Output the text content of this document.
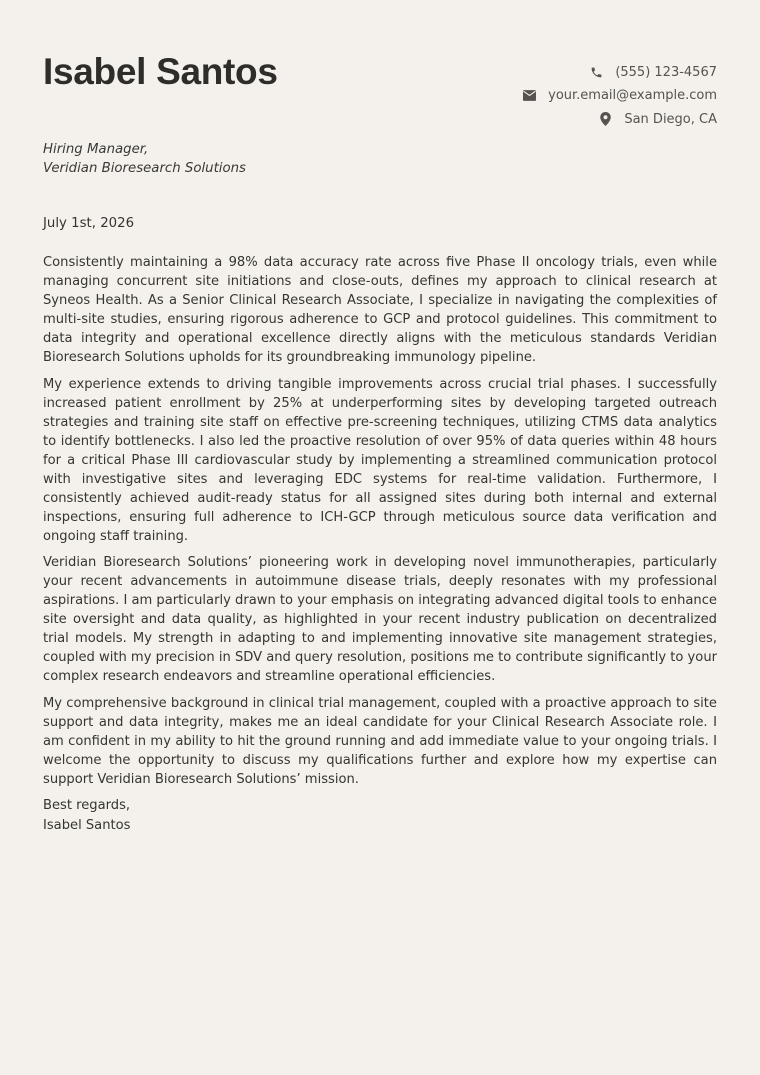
Isabel Santos	(555) 123-4567
your.email@example.com
San Diego, CA
Hiring Manager,
Veridian Bioresearch Solutions
July 1st, 2026

Consistently maintaining a 98% data accuracy rate across five Phase II oncology trials, even while managing concurrent site initiations and close-outs, defines my approach to clinical research at Syneos Health. As a Senior Clinical Research Associate, I specialize in navigating the complexities of multi-site studies, ensuring rigorous adherence to GCP and protocol guidelines. This commitment to data integrity and operational excellence directly aligns with the meticulous standards Veridian Bioresearch Solutions upholds for its groundbreaking immunology pipeline.

My experience extends to driving tangible improvements across crucial trial phases. I successfully increased patient enrollment by 25% at underperforming sites by developing targeted outreach strategies and training site staff on effective pre-screening techniques, utilizing CTMS data analytics to identify bottlenecks. I also led the proactive resolution of over 95% of data queries within 48 hours for a critical Phase III cardiovascular study by implementing a streamlined communication protocol with investigative sites and leveraging EDC systems for real-time validation. Furthermore, I consistently achieved audit-ready status for all assigned sites during both internal and external inspections, ensuring full adherence to ICH-GCP through meticulous source data verification and ongoing staff training.

Veridian Bioresearch Solutions’ pioneering work in developing novel immunotherapies, particularly your recent advancements in autoimmune disease trials, deeply resonates with my professional aspirations. I am particularly drawn to your emphasis on integrating advanced digital tools to enhance site oversight and data quality, as highlighted in your recent industry publication on decentralized trial models. My strength in adapting to and implementing innovative site management strategies, coupled with my precision in SDV and query resolution, positions me to contribute significantly to your complex research endeavors and streamline operational efficiencies.

My comprehensive background in clinical trial management, coupled with a proactive approach to site support and data integrity, makes me an ideal candidate for your Clinical Research Associate role. I am confident in my ability to hit the ground running and add immediate value to your ongoing trials. I welcome the opportunity to discuss my qualifications further and explore how my expertise can support Veridian Bioresearch Solutions’ mission.

Best regards,
Isabel Santos
